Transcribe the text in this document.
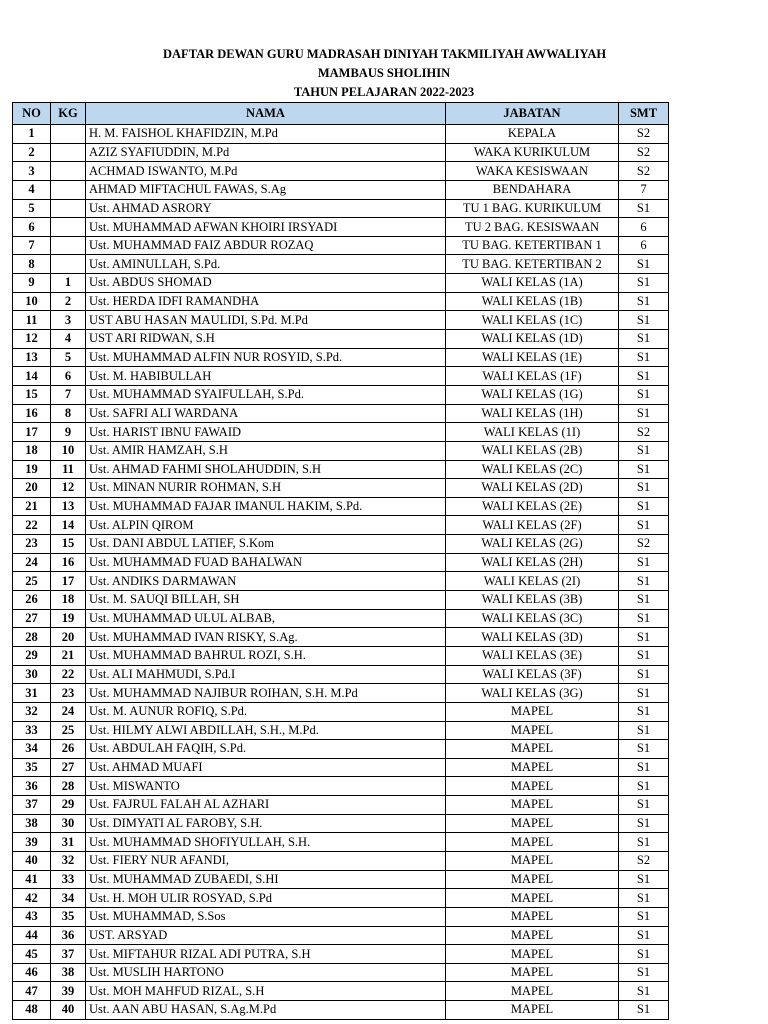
DAFTAR DEWAN GURU MADRASAH DINIYAH TAKMILIYAH AWWALIYAH
MAMBAUS SHOLIHIN
TAHUN PELAJARAN 2022-2023
NO	KG	NAMA	JABATAN	SMT
1		H. M. FAISHOL KHAFIDZIN, M.Pd	KEPALA	S2
2		AZIZ SYAFIUDDIN, M.Pd	WAKA KURIKULUM	S2
3		ACHMAD ISWANTO, M.Pd	WAKA KESISWAAN	S2
4		AHMAD MIFTACHUL FAWAS, S.Ag	BENDAHARA	7
5		Ust. AHMAD ASRORY	TU 1 BAG. KURIKULUM	S1
6		Ust. MUHAMMAD AFWAN KHOIRI IRSYADI	TU 2 BAG. KESISWAAN	6
7		Ust. MUHAMMAD FAIZ ABDUR ROZAQ	TU BAG. KETERTIBAN 1	6
8		Ust. AMINULLAH, S.Pd.	TU BAG. KETERTIBAN 2	S1
9	1	Ust. ABDUS SHOMAD	WALI KELAS (1A)	S1
10	2	Ust. HERDA IDFI RAMANDHA	WALI KELAS (1B)	S1
11	3	UST ABU HASAN MAULIDI, S.Pd. M.Pd	WALI KELAS (1C)	S1
12	4	UST ARI RIDWAN, S.H	WALI KELAS (1D)	S1
13	5	Ust. MUHAMMAD ALFIN NUR ROSYID, S.Pd.	WALI KELAS (1E)	S1
14	6	Ust. M. HABIBULLAH	WALI KELAS (1F)	S1
15	7	Ust. MUHAMMAD SYAIFULLAH, S.Pd.	WALI KELAS (1G)	S1
16	8	Ust. SAFRI ALI WARDANA	WALI KELAS (1H)	S1
17	9	Ust. HARIST IBNU FAWAID	WALI KELAS (1I)	S2
18	10	Ust. AMIR HAMZAH, S.H	WALI KELAS (2B)	S1
19	11	Ust. AHMAD FAHMI SHOLAHUDDIN, S.H	WALI KELAS (2C)	S1
20	12	Ust. MINAN NURIR ROHMAN, S.H	WALI KELAS (2D)	S1
21	13	Ust. MUHAMMAD FAJAR IMANUL HAKIM, S.Pd.	WALI KELAS (2E)	S1
22	14	Ust. ALPIN QIROM	WALI KELAS (2F)	S1
23	15	Ust. DANI ABDUL LATIEF, S.Kom	WALI KELAS (2G)	S2
24	16	Ust. MUHAMMAD FUAD BAHALWAN	WALI KELAS (2H)	S1
25	17	Ust. ANDIKS DARMAWAN	WALI KELAS (2I)	S1
26	18	Ust. M. SAUQI BILLAH, SH	WALI KELAS (3B)	S1
27	19	Ust. MUHAMMAD ULUL ALBAB,	WALI KELAS (3C)	S1
28	20	Ust. MUHAMMAD IVAN RISKY, S.Ag.	WALI KELAS (3D)	S1
29	21	Ust. MUHAMMAD BAHRUL ROZI, S.H.	WALI KELAS (3E)	S1
30	22	Ust. ALI MAHMUDI, S.Pd.I	WALI KELAS (3F)	S1
31	23	Ust. MUHAMMAD NAJIBUR ROIHAN, S.H. M.Pd	WALI KELAS (3G)	S1
32	24	Ust. M. AUNUR ROFIQ, S.Pd.	MAPEL	S1
33	25	Ust. HILMY ALWI ABDILLAH, S.H., M.Pd.	MAPEL	S1
34	26	Ust. ABDULAH FAQIH, S.Pd.	MAPEL	S1
35	27	Ust. AHMAD MUAFI	MAPEL	S1
36	28	Ust. MISWANTO	MAPEL	S1
37	29	Ust. FAJRUL FALAH AL AZHARI	MAPEL	S1
38	30	Ust. DIMYATI AL FAROBY, S.H.	MAPEL	S1
39	31	Ust. MUHAMMAD SHOFIYULLAH, S.H.	MAPEL	S1
40	32	Ust. FIERY NUR AFANDI,	MAPEL	S2
41	33	Ust. MUHAMMAD ZUBAEDI, S.HI	MAPEL	S1
42	34	Ust. H. MOH ULIR ROSYAD, S.Pd	MAPEL	S1
43	35	Ust. MUHAMMAD, S.Sos	MAPEL	S1
44	36	UST. ARSYAD	MAPEL	S1
45	37	Ust. MIFTAHUR RIZAL ADI PUTRA, S.H	MAPEL	S1
46	38	Ust. MUSLIH HARTONO	MAPEL	S1
47	39	Ust. MOH MAHFUD RIZAL, S.H	MAPEL	S1
48	40	Ust. AAN ABU HASAN, S.Ag.M.Pd	MAPEL	S1
